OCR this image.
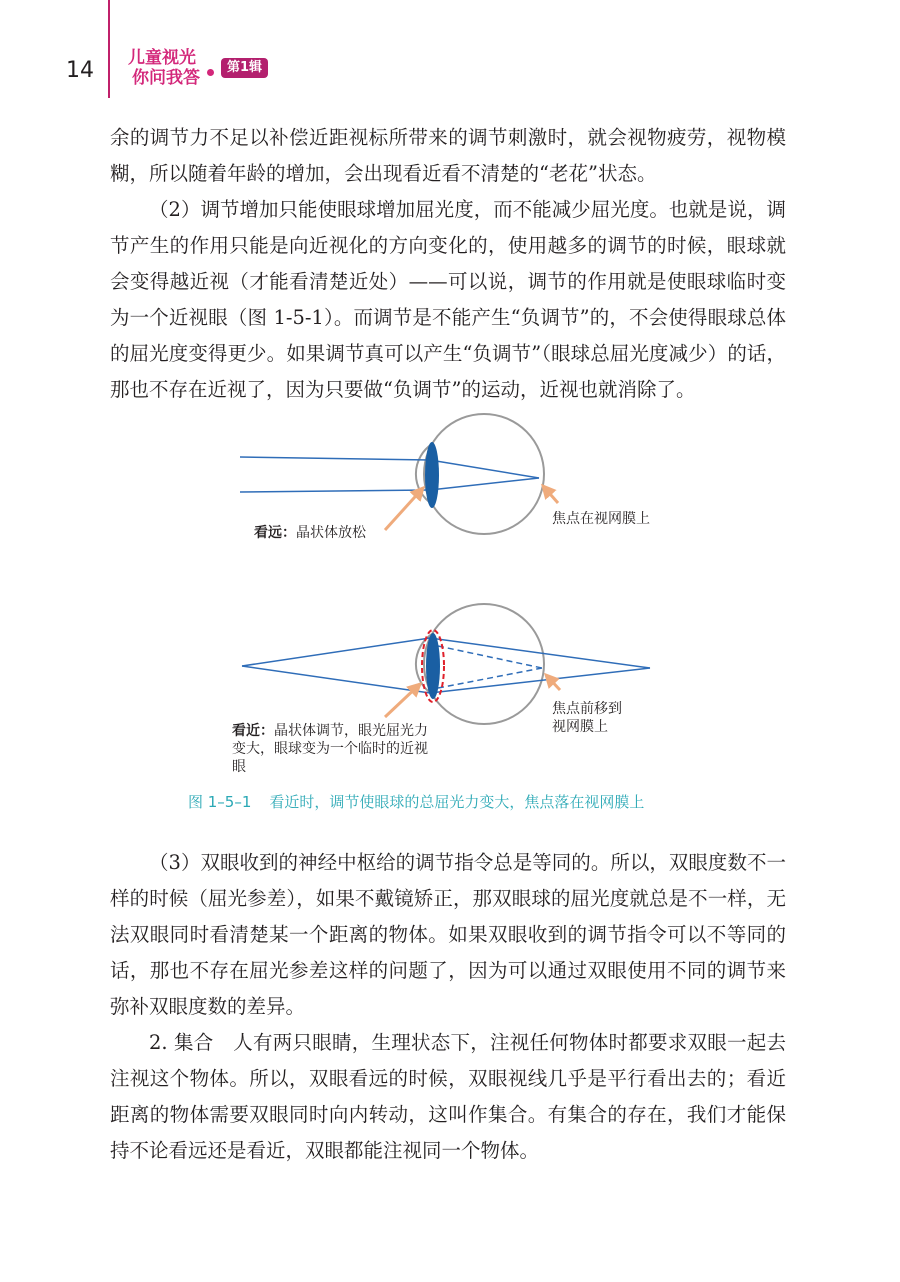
14 儿童视光
你问我答
第1辑

余的调节力不足以补偿近距视标所带来的调节刺激时，就会视物疲劳，视物模糊，所以随着年龄的增加，会出现看近看不清楚的“老花”状态。

（2）调节增加只能使眼球增加屈光度，而不能减少屈光度。也就是说，调节产生的作用只能是向近视化的方向变化的，使用越多的调节的时候，眼球就会变得越近视（才能看清楚近处）——可以说，调节的作用就是使眼球临时变为一个近视眼（图 1-5-1）。而调节是不能产生“负调节”的，不会使得眼球总体的屈光度变得更少。如果调节真可以产生“负调节”（眼球总屈光度减少）的话，那也不存在近视了，因为只要做“负调节”的运动，近视也就消除了。

看远：晶状体放松
焦点在视网膜上
看近：晶状体调节，眼光屈光力变大，眼球变为一个临时的近视眼
焦点前移到视网膜上
图 1–5–1 看近时，调节使眼球的总屈光力变大，焦点落在视网膜上

（3）双眼收到的神经中枢给的调节指令总是等同的。所以，双眼度数不一样的时候（屈光参差），如果不戴镜矫正，那双眼球的屈光度就总是不一样，无法双眼同时看清楚某一个距离的物体。如果双眼收到的调节指令可以不等同的话，那也不存在屈光参差这样的问题了，因为可以通过双眼使用不同的调节来弥补双眼度数的差异。

2. 集合　人有两只眼睛，生理状态下，注视任何物体时都要求双眼一起去注视这个物体。所以，双眼看远的时候，双眼视线几乎是平行看出去的；看近距离的物体需要双眼同时向内转动，这叫作集合。有集合的存在，我们才能保持不论看远还是看近，双眼都能注视同一个物体。
